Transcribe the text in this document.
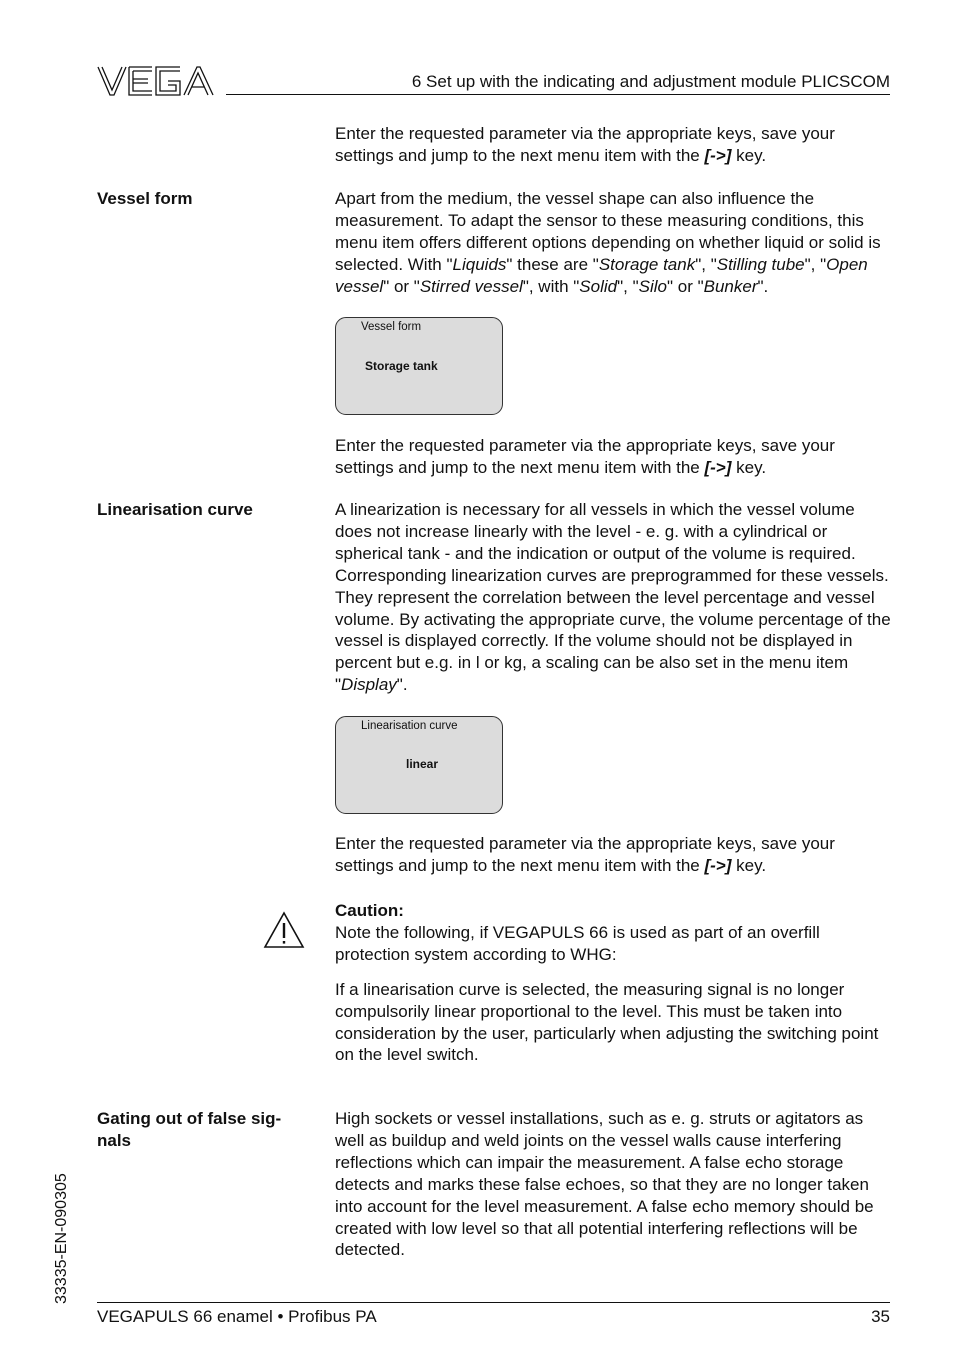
6 Set up with the indicating and adjustment module PLICSCOM

Enter the requested parameter via the appropriate keys, save your settings and jump to the next menu item with the [->] key.

Vessel form	Apart from the medium, the vessel shape can also influence the measurement. To adapt the sensor to these measuring conditions, this menu item offers different options depending on whether liquid or solid is selected. With "Liquids" these are "Storage tank", "Stilling tube", "Open vessel" or "Stirred vessel", with "Solid", "Silo" or "Bunker".

Vessel form
Storage tank

Enter the requested parameter via the appropriate keys, save your settings and jump to the next menu item with the [->] key.

Linearisation curve	A linearization is necessary for all vessels in which the vessel volume does not increase linearly with the level - e. g. with a cylindrical or spherical tank - and the indication or output of the volume is required. Corresponding linearization curves are preprogrammed for these vessels. They represent the correlation between the level percentage and vessel volume. By activating the appropriate curve, the volume percentage of the vessel is displayed correctly. If the volume should not be displayed in percent but e.g. in l or kg, a scaling can be also set in the menu item "Display".

Linearisation curve
linear

Enter the requested parameter via the appropriate keys, save your settings and jump to the next menu item with the [->] key.

Caution:

Note the following, if VEGAPULS 66 is used as part of an overfill protection system according to WHG:

If a linearisation curve is selected, the measuring signal is no longer compulsorily linear proportional to the level. This must be taken into consideration by the user, particularly when adjusting the switching point on the level switch.

Gating out of false sig-
nals

High sockets or vessel installations, such as e. g. struts or agitators as well as buildup and weld joints on the vessel walls cause interfering reflections which can impair the measurement. A false echo storage detects and marks these false echoes, so that they are no longer taken into account for the level measurement. A false echo memory should be created with low level so that all potential interfering reflections will be detected.

33335-EN-090305
VEGAPULS 66 enamel • Profibus PA	35
